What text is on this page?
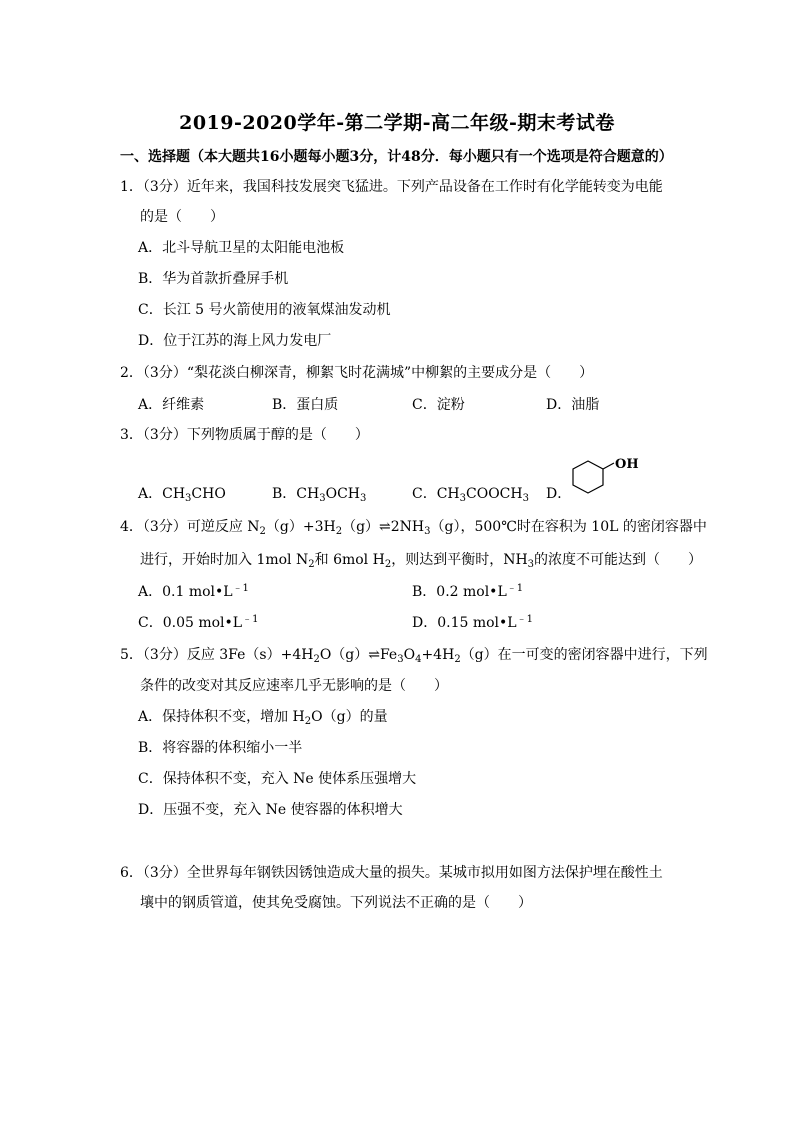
2019-2020学年-第二学期-高二年级-期末考试卷
一、选择题（本大题共16小题每小题3分，计48分．每小题只有一个选项是符合题意的）
1．（3分）近年来，我国科技发展突飞猛进。下列产品设备在工作时有化学能转变为电能
的是（　　）
A．北斗导航卫星的太阳能电池板
B．华为首款折叠屏手机
C．长江 5 号火箭使用的液氧煤油发动机
D．位于江苏的海上风力发电厂
2．（3分）“梨花淡白柳深青，柳絮飞时花满城”中柳絮的主要成分是（　　）
A．纤维素	B．蛋白质	C．淀粉	D．油脂
3．（3分）下列物质属于醇的是（　　）
A．$CH_3CHO$	B．$CH_3OCH_3$	C．$CH_3COOCH_3$ D．
OH
4．（3分）可逆反应 $N_2(g)+3H_2(g)\rightleftharpoons 2NH_3(g)$，500℃时在容积为 10L 的密闭容器中
进行，开始时加入 1mol $N_2$和 6mol $H_2$，则达到平衡时，$NH_3$的浓度不可能达到（　　）
A．0.1 $mol•L^{﹣1}$	B．0.2 $mol•L^{﹣1}$
C．0.05 $mol•L^{﹣1}$	D．0.15 $mol•L^{﹣1}$
5．（3分）反应 $3Fe(s)+4H_2O(g)\rightleftharpoons Fe_3O_4+4H_2(g)$在一可变的密闭容器中进行，下列
条件的改变对其反应速率几乎无影响的是（　　）
A．保持体积不变，增加 $H_2O(g)$的量
B．将容器的体积缩小一半
C．保持体积不变，充入 Ne 使体系压强增大
D．压强不变，充入 Ne 使容器的体积增大
6．（3分）全世界每年钢铁因锈蚀造成大量的损失。某城市拟用如图方法保护埋在酸性土
壤中的钢质管道，使其免受腐蚀。下列说法不正确的是（　　）
